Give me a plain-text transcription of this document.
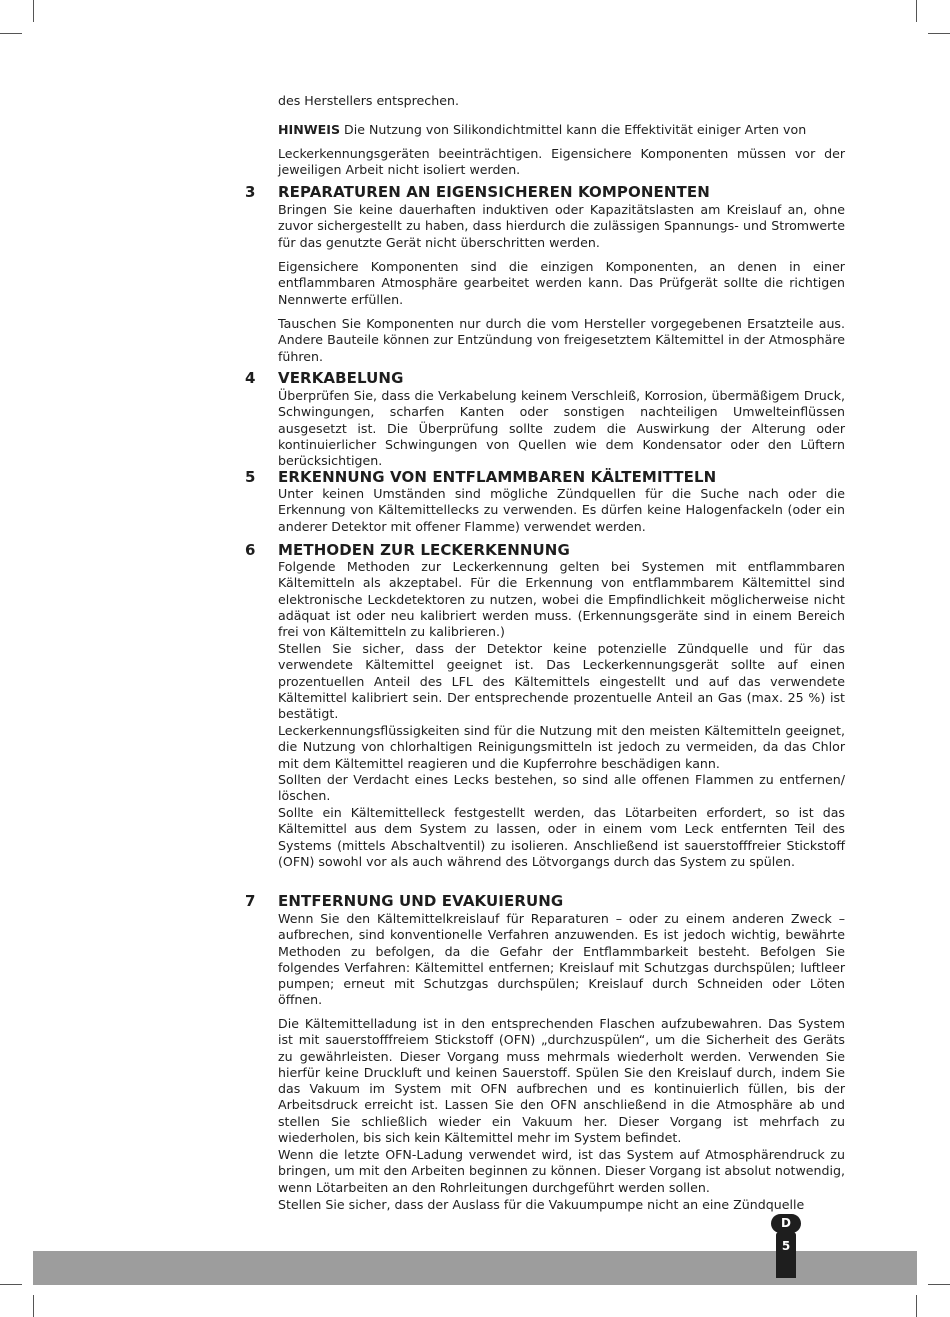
des Herstellers entsprechen.

HINWEIS Die Nutzung von Silikondichtmittel kann die Effektivität einiger Arten von

Leckerkennungsgeräten beeinträchtigen. Eigensichere Komponenten müssen vor der jeweiligen Arbeit nicht isoliert werden.

3 REPARATUREN AN EIGENSICHEREN KOMPONENTEN

Bringen Sie keine dauerhaften induktiven oder Kapazitätslasten am Kreislauf an, ohne zuvor sichergestellt zu haben, dass hierdurch die zulässigen Spannungs- und Stromwerte für das genutzte Gerät nicht überschritten werden.

Eigensichere Komponenten sind die einzigen Komponenten, an denen in einer entflammbaren Atmosphäre gearbeitet werden kann. Das Prüfgerät sollte die richtigen Nennwerte erfüllen.

Tauschen Sie Komponenten nur durch die vom Hersteller vorgegebenen Ersatzteile aus. Andere Bauteile können zur Entzündung von freigesetztem Kältemittel in der Atmosphäre führen.

4 VERKABELUNG

Überprüfen Sie, dass die Verkabelung keinem Verschleiß, Korrosion, übermäßigem Druck, Schwingungen, scharfen Kanten oder sonstigen nachteiligen Umwelteinflüssen ausgesetzt ist. Die Überprüfung sollte zudem die Auswirkung der Alterung oder kontinuierlicher Schwingungen von Quellen wie dem Kondensator oder den Lüftern berücksichtigen.

5 ERKENNUNG VON ENTFLAMMBAREN KÄLTEMITTELN

Unter keinen Umständen sind mögliche Zündquellen für die Suche nach oder die Erkennung von Kältemittellecks zu verwenden. Es dürfen keine Halogenfackeln (oder ein anderer Detektor mit offener Flamme) verwendet werden.

6 METHODEN ZUR LECKERKENNUNG

Folgende Methoden zur Leckerkennung gelten bei Systemen mit entflammbaren Kältemitteln als akzeptabel. Für die Erkennung von entflammbarem Kältemittel sind elektronische Leckdetektoren zu nutzen, wobei die Empfindlichkeit möglicherweise nicht adäquat ist oder neu kalibriert werden muss. (Erkennungsgeräte sind in einem Bereich frei von Kältemitteln zu kalibrieren.)

Stellen Sie sicher, dass der Detektor keine potenzielle Zündquelle und für das verwendete Kältemittel geeignet ist. Das Leckerkennungsgerät sollte auf einen prozentuellen Anteil des LFL des Kältemittels eingestellt und auf das verwendete Kältemittel kalibriert sein. Der entsprechende prozentuelle Anteil an Gas (max. 25 %) ist bestätigt.

Leckerkennungsflüssigkeiten sind für die Nutzung mit den meisten Kältemitteln geeignet, die Nutzung von chlorhaltigen Reinigungsmitteln ist jedoch zu vermeiden, da das Chlor mit dem Kältemittel reagieren und die Kupferrohre beschädigen kann.

Sollten der Verdacht eines Lecks bestehen, so sind alle offenen Flammen zu entfernen/ löschen.

Sollte ein Kältemittelleck festgestellt werden, das Lötarbeiten erfordert, so ist das Kältemittel aus dem System zu lassen, oder in einem vom Leck entfernten Teil des Systems (mittels Abschaltventil) zu isolieren. Anschließend ist sauerstofffreier Stickstoff (OFN) sowohl vor als auch während des Lötvorgangs durch das System zu spülen.

7 ENTFERNUNG UND EVAKUIERUNG

Wenn Sie den Kältemittelkreislauf für Reparaturen – oder zu einem anderen Zweck – aufbrechen, sind konventionelle Verfahren anzuwenden. Es ist jedoch wichtig, bewährte Methoden zu befolgen, da die Gefahr der Entflammbarkeit besteht. Befolgen Sie folgendes Verfahren: Kältemittel entfernen; Kreislauf mit Schutzgas durchspülen; luftleer pumpen; erneut mit Schutzgas durchspülen; Kreislauf durch Schneiden oder Löten öffnen.

Die Kältemittelladung ist in den entsprechenden Flaschen aufzubewahren. Das System ist mit sauerstofffreiem Stickstoff (OFN) „durchzuspülen“, um die Sicherheit des Geräts zu gewährleisten. Dieser Vorgang muss mehrmals wiederholt werden. Verwenden Sie hierfür keine Druckluft und keinen Sauerstoff. Spülen Sie den Kreislauf durch, indem Sie das Vakuum im System mit OFN aufbrechen und es kontinuierlich füllen, bis der Arbeitsdruck erreicht ist. Lassen Sie den OFN anschließend in die Atmosphäre ab und stellen Sie schließlich wieder ein Vakuum her. Dieser Vorgang ist mehrfach zu wiederholen, bis sich kein Kältemittel mehr im System befindet.

Wenn die letzte OFN-Ladung verwendet wird, ist das System auf Atmosphärendruck zu bringen, um mit den Arbeiten beginnen zu können. Dieser Vorgang ist absolut notwendig, wenn Lötarbeiten an den Rohrleitungen durchgeführt werden sollen.

Stellen Sie sicher, dass der Auslass für die Vakuumpumpe nicht an eine Zündquelle

D
5
